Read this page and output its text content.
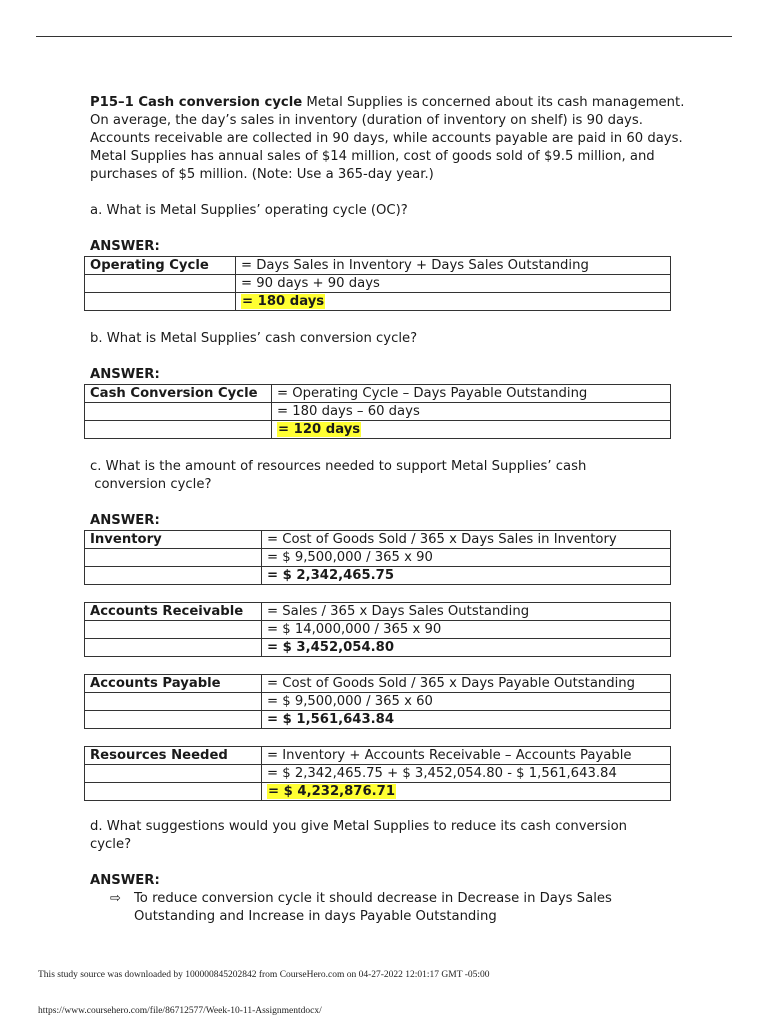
P15–1 Cash conversion cycle Metal Supplies is concerned about its cash management. On average, the day’s sales in inventory (duration of inventory on shelf) is 90 days. Accounts receivable are collected in 90 days, while accounts payable are paid in 60 days. Metal Supplies has annual sales of $14 million, cost of goods sold of $9.5 million, and purchases of $5 million. (Note: Use a 365-day year.)

a. What is Metal Supplies’ operating cycle (OC)?

ANSWER:

Operating Cycle	= Days Sales in Inventory + Days Sales Outstanding
	= 90 days + 90 days
	= 180 days

b. What is Metal Supplies’ cash conversion cycle?

ANSWER:

Cash Conversion Cycle	= Operating Cycle – Days Payable Outstanding
	= 180 days – 60 days
	= 120 days

c. What is the amount of resources needed to support Metal Supplies’ cash
conversion cycle?

ANSWER:

Inventory	= Cost of Goods Sold / 365 x Days Sales in Inventory
	= $ 9,500,000 / 365 x 90
	= $ 2,342,465.75
Accounts Receivable	= Sales / 365 x Days Sales Outstanding
	= $ 14,000,000 / 365 x 90
	= $ 3,452,054.80
Accounts Payable	= Cost of Goods Sold / 365 x Days Payable Outstanding
	= $ 9,500,000 / 365 x 60
	= $ 1,561,643.84
Resources Needed	= Inventory + Accounts Receivable – Accounts Payable
	= $ 2,342,465.75 + $ 3,452,054.80 - $ 1,561,643.84
	= $ 4,232,876.71

d. What suggestions would you give Metal Supplies to reduce its cash conversion
cycle?

ANSWER:

⇨ To reduce conversion cycle it should decrease in Decrease in Days Sales
Outstanding and Increase in days Payable Outstanding
This study source was downloaded by 100000845202842 from CourseHero.com on 04-27-2022 12:01:17 GMT -05:00
https://www.coursehero.com/file/86712577/Week-10-11-Assignmentdocx/
